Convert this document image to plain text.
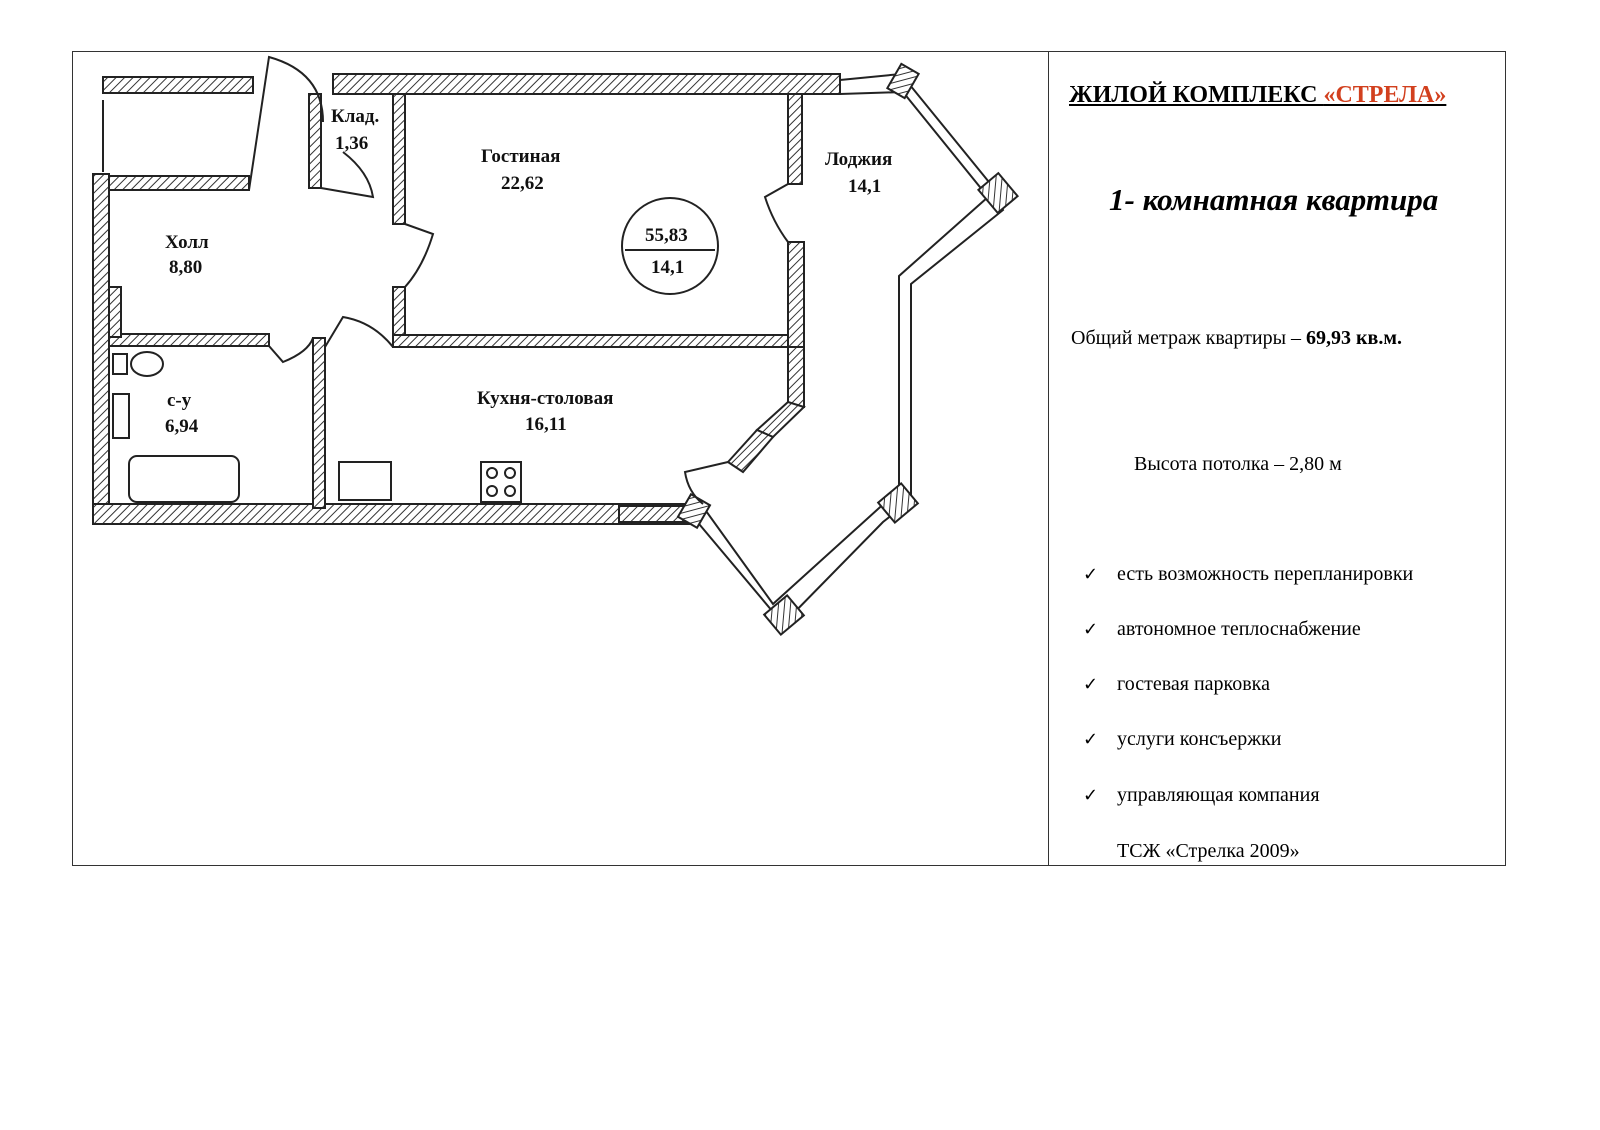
55,83
14,1
Клад.
1,36
Гостиная
22,62
Лоджия
14,1
Холл
8,80
с-у
6,94
Кухня-столовая
16,11
ЖИЛОЙ КОМПЛЕКС «СТРЕЛА»
1- комнатная квартира
Общий метраж квартиры – 69,93 кв.м.
Высота потолка – 2,80 м
✓ есть возможность перепланировки
✓ автономное теплоснабжение
✓ гостевая парковка
✓ услуги консъержки
✓ управляющая компания
ТСЖ «Стрелка 2009»
